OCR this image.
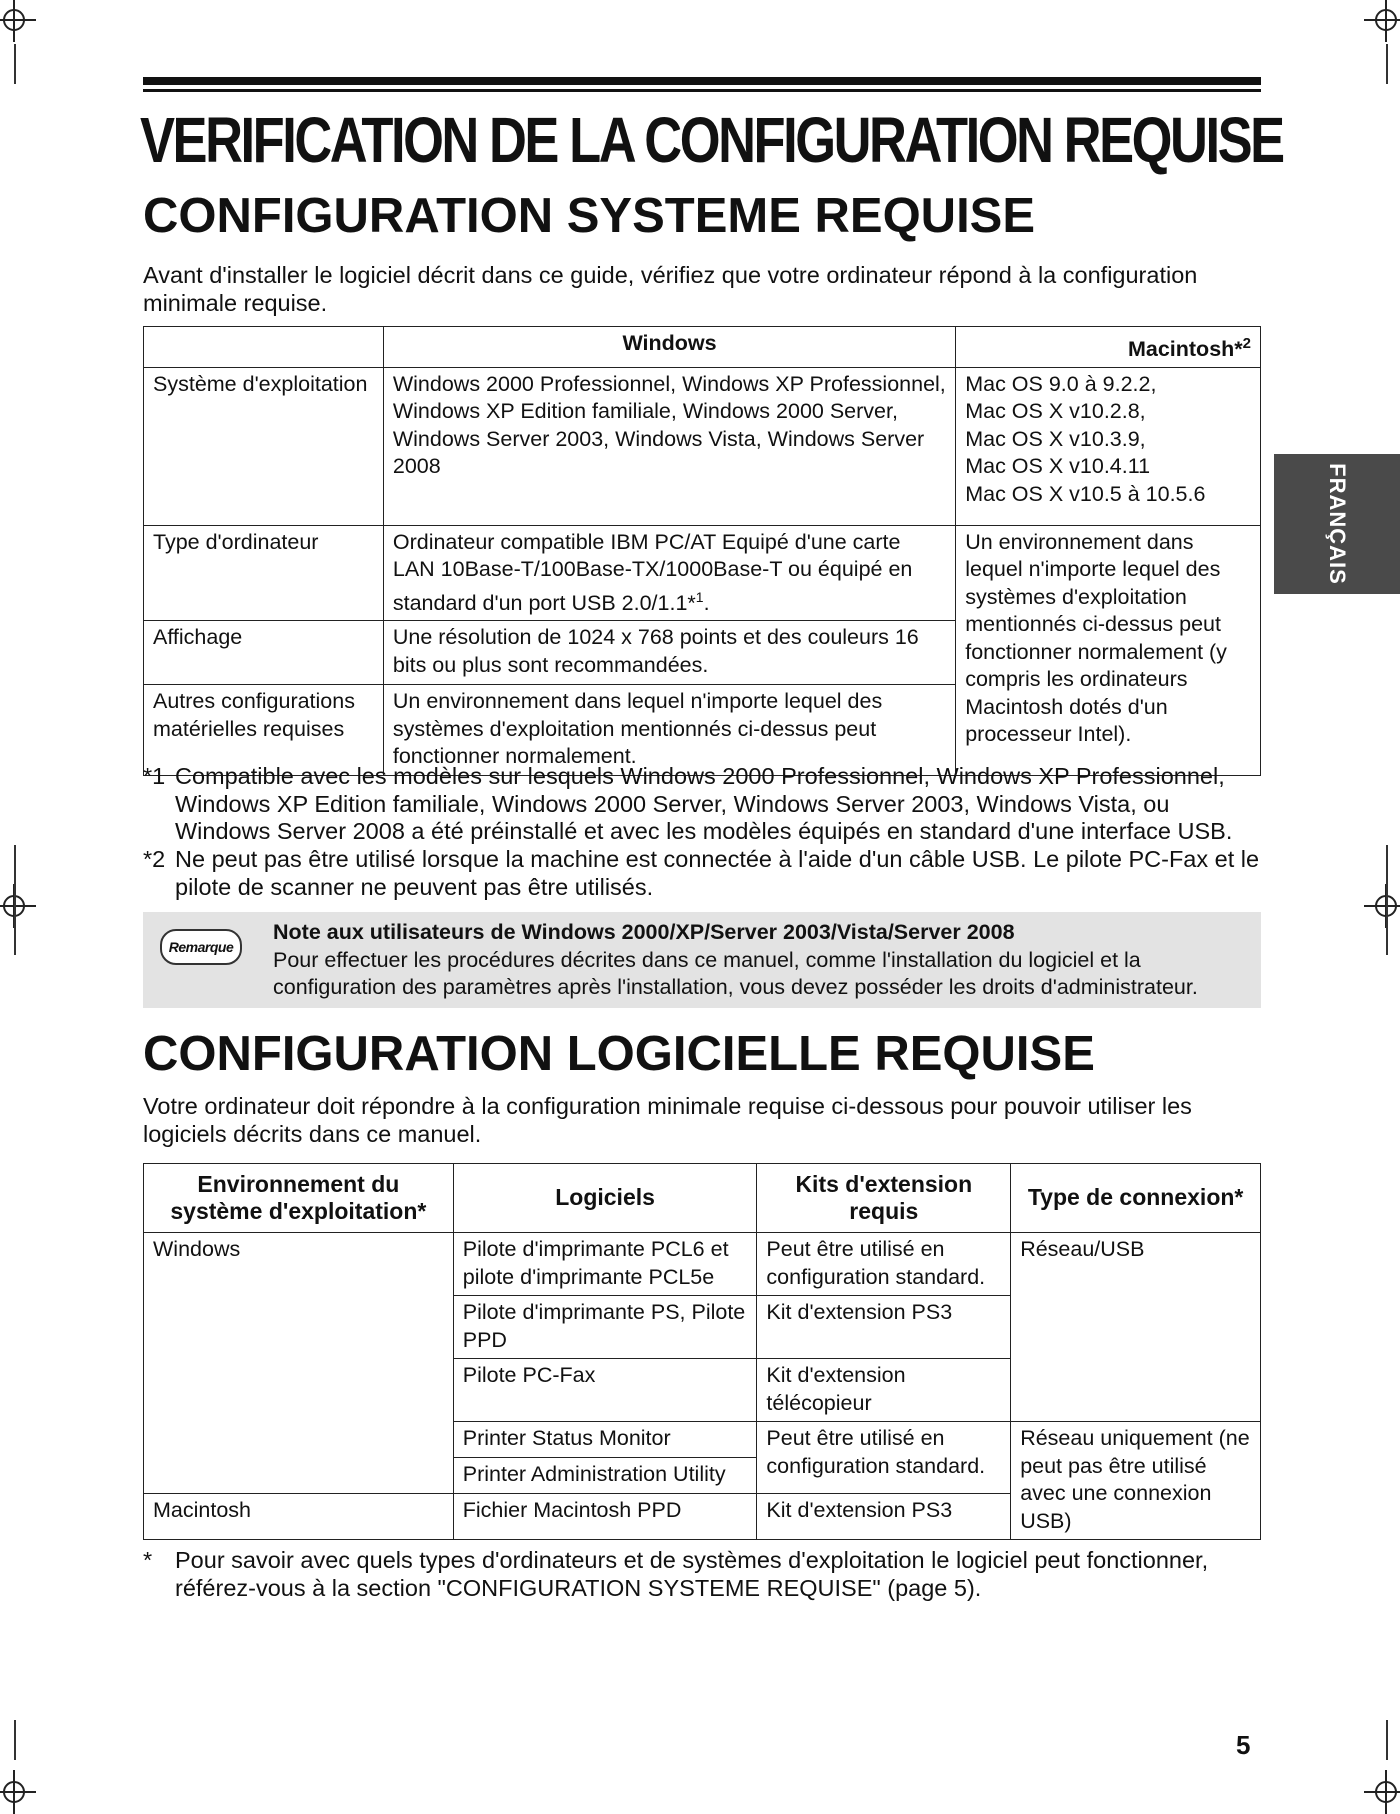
VERIFICATION DE LA CONFIGURATION REQUISE
FRANÇAIS
CONFIGURATION SYSTEME REQUISE
Avant d'installer le logiciel décrit dans ce guide, vérifiez que votre ordinateur répond à la configuration minimale requise.
	Windows	Macintosh*$^2$
Système d'exploitation	Windows 2000 Professionnel, Windows XP Professionnel, Windows XP Edition familiale, Windows 2000 Server, Windows Server 2003, Windows Vista, Windows Server 2008	Mac OS 9.0 à 9.2.2,
Mac OS X v10.2.8,
Mac OS X v10.3.9,
Mac OS X v10.4.11
Mac OS X v10.5 à 10.5.6

Type d'ordinateur	Ordinateur compatible IBM PC/AT Equipé d'une carte LAN 10Base-T/100Base-TX/1000Base-T ou équipé en standard d'un port USB 2.0/1.1*$^1$.	Un environnement dans lequel n'importe lequel des systèmes d'exploitation mentionnés ci-dessus peut fonctionner normalement (y compris les ordinateurs Macintosh dotés d'un processeur Intel).
Affichage	Une résolution de 1024 x 768 points et des couleurs 16 bits ou plus sont recommandées.	
Autres configurations matérielles requises	Un environnement dans lequel n'importe lequel des systèmes d'exploitation mentionnés ci-dessus peut fonctionner normalement.	
*1 Compatible avec les modèles sur lesquels Windows 2000 Professionnel, Windows XP Professionnel, Windows XP Edition familiale, Windows 2000 Server, Windows Server 2003, Windows Vista, ou Windows Server 2008 a été préinstallé et avec les modèles équipés en standard d'une interface USB.
*2 Ne peut pas être utilisé lorsque la machine est connectée à l'aide d'un câble USB. Le pilote PC-Fax et le pilote de scanner ne peuvent pas être utilisés.
Remarque
Note aux utilisateurs de Windows 2000/XP/Server 2003/Vista/Server 2008
Pour effectuer les procédures décrites dans ce manuel, comme l'installation du logiciel et la configuration des paramètres après l'installation, vous devez posséder les droits d'administrateur.
CONFIGURATION LOGICIELLE REQUISE
Votre ordinateur doit répondre à la configuration minimale requise ci-dessous pour pouvoir utiliser les logiciels décrits dans ce manuel.
Environnement du système d'exploitation*	Logiciels	Kits d'extension requis	Type de connexion*
Windows	Pilote d'imprimante PCL6 et pilote d'imprimante PCL5e	Peut être utilisé en configuration standard.	Réseau/USB
	Pilote d'imprimante PS, Pilote PPD	Kit d'extension PS3	
	Pilote PC-Fax	Kit d'extension télécopieur	
	Printer Status Monitor	Peut être utilisé en configuration standard.	Réseau uniquement (ne peut pas être utilisé avec une connexion USB)
	Printer Administration Utility		
Macintosh	Fichier Macintosh PPD	Kit d'extension PS3	
* Pour savoir avec quels types d'ordinateurs et de systèmes d'exploitation le logiciel peut fonctionner, référez-vous à la section "CONFIGURATION SYSTEME REQUISE" (page 5).
5
